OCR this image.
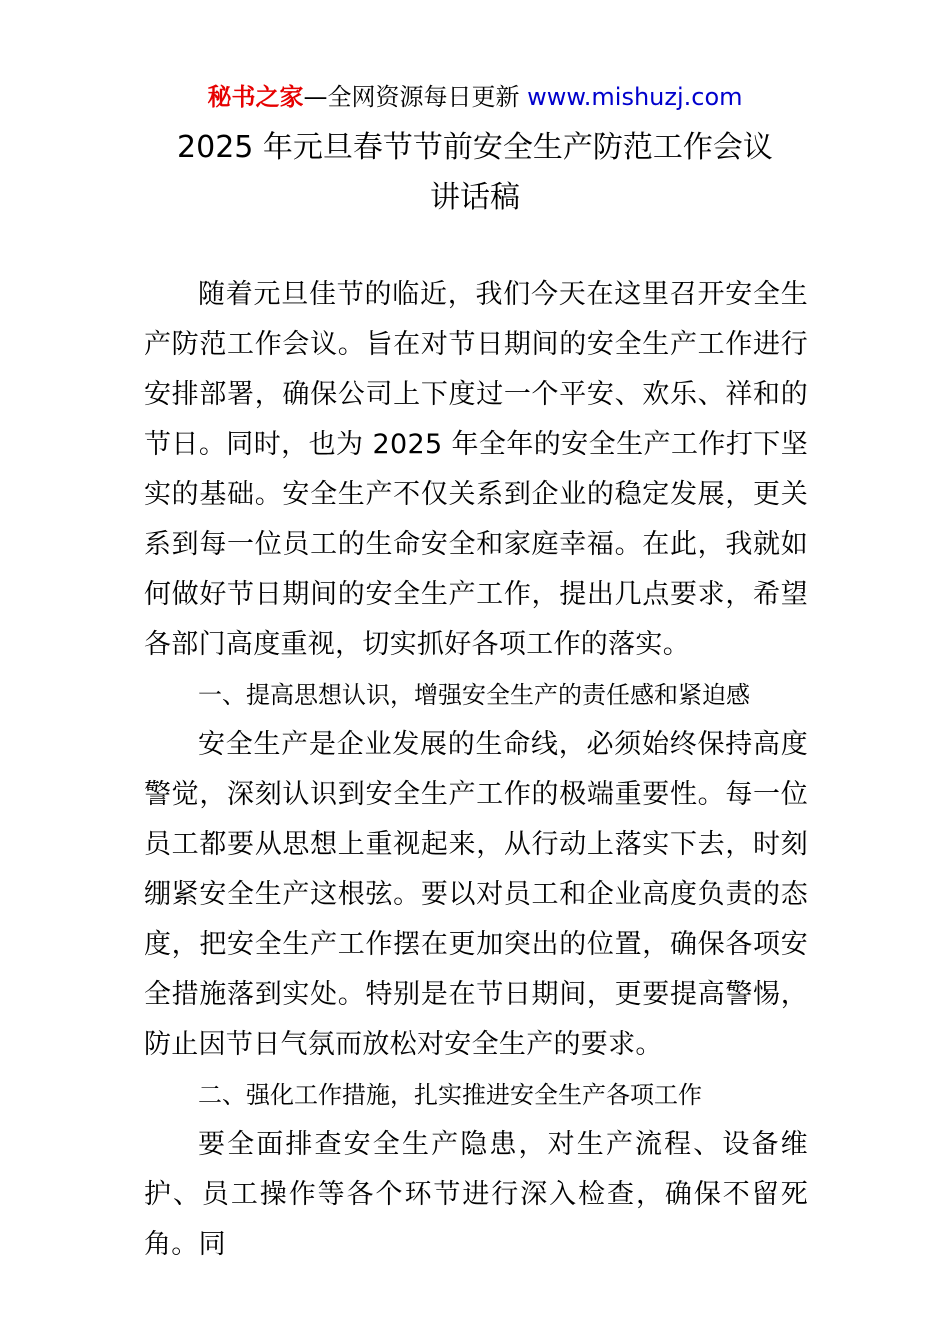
秘书之家—全网资源每日更新 www.mishuzj.com
2025 年元旦春节节前安全生产防范工作会议
讲话稿

随着元旦佳节的临近，我们今天在这里召开安全生产防范工作会议。旨在对节日期间的安全生产工作进行安排部署，确保公司上下度过一个平安、欢乐、祥和的节日。同时，也为 2025 年全年的安全生产工作打下坚实的基础。安全生产不仅关系到企业的稳定发展，更关系到每一位员工的生命安全和家庭幸福。在此，我就如何做好节日期间的安全生产工作，提出几点要求，希望各部门高度重视，切实抓好各项工作的落实。

一、提高思想认识，增强安全生产的责任感和紧迫感

安全生产是企业发展的生命线，必须始终保持高度警觉，深刻认识到安全生产工作的极端重要性。每一位员工都要从思想上重视起来，从行动上落实下去，时刻绷紧安全生产这根弦。要以对员工和企业高度负责的态度，把安全生产工作摆在更加突出的位置，确保各项安全措施落到实处。特别是在节日期间，更要提高警惕，防止因节日气氛而放松对安全生产的要求。

二、强化工作措施，扎实推进安全生产各项工作

要全面排查安全生产隐患，对生产流程、设备维护、员工操作等各个环节进行深入检查，确保不留死角。同
